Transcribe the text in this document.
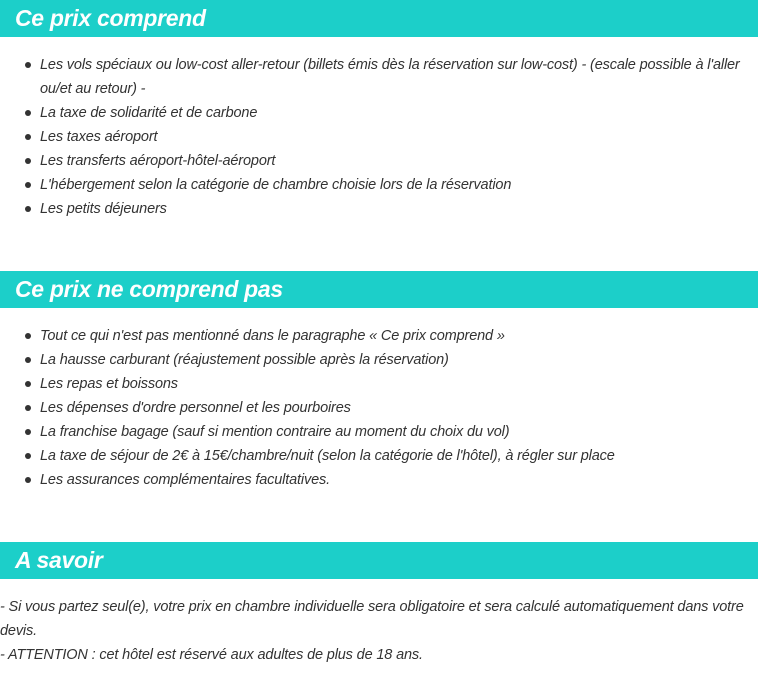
Ce prix comprend
Les vols spéciaux ou low-cost aller-retour (billets émis dès la réservation sur low-cost) - (escale possible à l'aller ou/et au retour) -
La taxe de solidarité et de carbone
Les taxes aéroport
Les transferts aéroport-hôtel-aéroport
L'hébergement selon la catégorie de chambre choisie lors de la réservation
Les petits déjeuners
Ce prix ne comprend pas
Tout ce qui n'est pas mentionné dans le paragraphe « Ce prix comprend »
La hausse carburant (réajustement possible après la réservation)
Les repas et boissons
Les dépenses d'ordre personnel et les pourboires
La franchise bagage (sauf si mention contraire au moment du choix du vol)
La taxe de séjour de 2€ à 15€/chambre/nuit (selon la catégorie de l'hôtel), à régler sur place
Les assurances complémentaires facultatives.
A savoir
- Si vous partez seul(e), votre prix en chambre individuelle sera obligatoire et sera calculé automatiquement dans votre devis.
- ATTENTION : cet hôtel est réservé aux adultes de plus de 18 ans.
